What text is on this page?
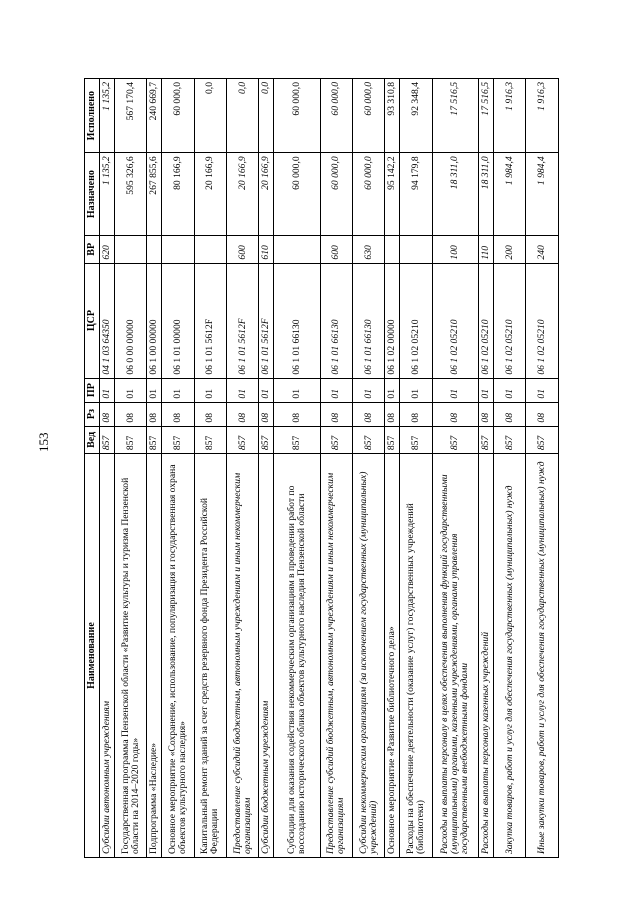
153
Наименование	Вед	Рз	ПР	ЦСР	ВР	Назначено	Исполнено
Субсидии автономным учреждениям	857	08	01	04 1 03 64350	620	1 135,2	1 135,2
Государственная программа Пензенской области «Развитие культуры и туризма Пензенской области на 2014–2020 годы»	857	08	01	06 0 00 00000		595 326,6	567 170,4
Подпрограмма «Наследие»	857	08	01	06 1 00 00000		267 855,6	240 669,7
Основное мероприятие «Сохранение, использование, популяризация и государственная охрана объектов культурного наследия»	857	08	01	06 1 01 00000		80 166,9	60 000,0
Капитальный ремонт зданий за счет средств резервного фонда Президента Российской Федерации	857	08	01	06 1 01 5612F		20 166,9	0,0
Предоставление субсидий бюджетным, автономным учреждениям и иным некоммерческим организациям	857	08	01	06 1 01 5612F	600	20 166,9	0,0
Субсидии бюджетным учреждениям	857	08	01	06 1 01 5612F	610	20 166,9	0,0
Субсидии для оказания содействия некоммерческим организациям в проведении работ по воссозданию исторического облика объектов культурного наследия Пензенской области	857	08	01	06 1 01 66130		60 000,0	60 000,0
Предоставление субсидий бюджетным, автономным учреждениям и иным некоммерческим организациям	857	08	01	06 1 01 66130	600	60 000,0	60 000,0
Субсидии некоммерческим организациям (за исключением государственных (муниципальных) учреждений)	857	08	01	06 1 01 66130	630	60 000,0	60 000,0
Основное мероприятие «Развитие библиотечного дела»	857	08	01	06 1 02 00000		95 142,2	93 310,8
Расходы на обеспечение деятельности (оказание услуг) государственных учреждений (библиотеки)	857	08	01	06 1 02 05210		94 179,8	92 348,4
Расходы на выплаты персоналу в целях обеспечения выполнения функций государственными (муниципальными) органами, казенными учреждениями, органами управления государственными внебюджетными фондами	857	08	01	06 1 02 05210	100	18 311,0	17 516,5
Расходы на выплаты персоналу казенных учреждений	857	08	01	06 1 02 05210	110	18 311,0	17 516,5
Закупка товаров, работ и услуг для обеспечения государственных (муниципальных) нужд	857	08	01	06 1 02 05210	200	1 984,4	1 916,3
Иные закупки товаров, работ и услуг для обеспечения государственных (муниципальных) нужд	857	08	01	06 1 02 05210	240	1 984,4	1 916,3
